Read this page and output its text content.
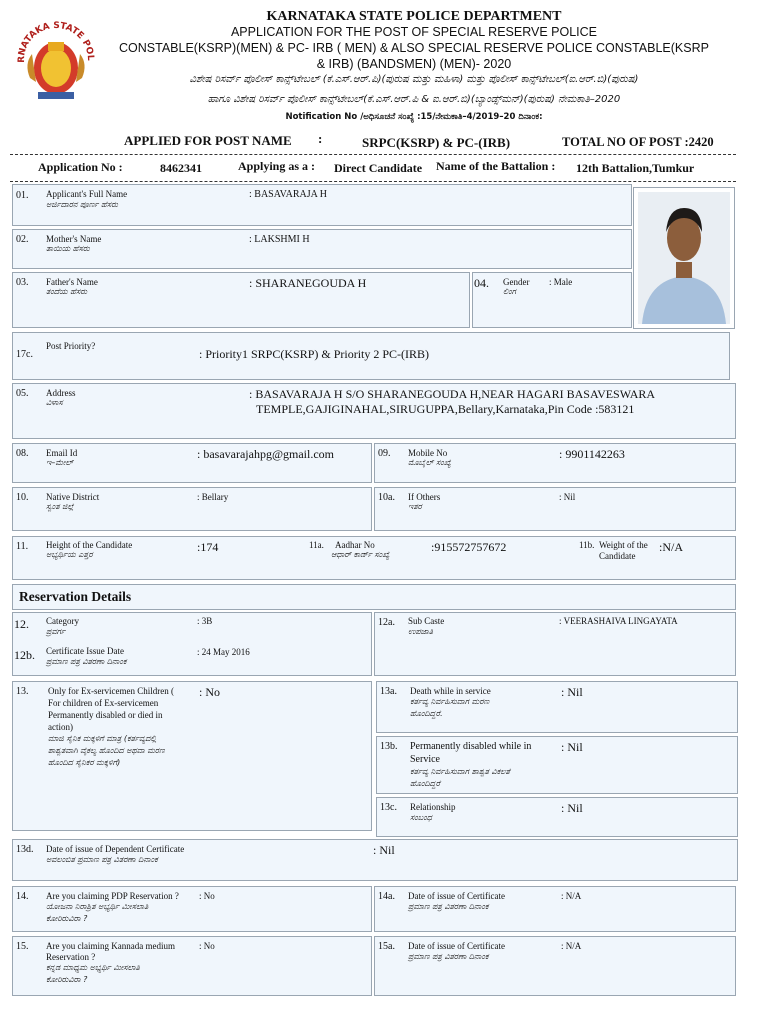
RNATAKA STATE POL
KARNATAKA STATE POLICE DEPARTMENT
APPLICATION FOR THE POST OF SPECIAL RESERVE POLICE
CONSTABLE(KSRP)(MEN) & PC- IRB ( MEN) & ALSO SPECIAL RESERVE POLICE CONSTABLE(KSRP
& IRB) (BANDSMEN) (MEN)- 2020
ವಿಶೇಷ ರಿಸರ್ವ್ ಪೊಲೀಸ್ ಕಾನ್ಸ್‌ಟೇಬಲ್ (ಕೆ.ಎಸ್.ಆರ್.ಪಿ)(ಪುರುಷ ಮತ್ತು ಮಹಿಳಾ) ಮತ್ತು ಪೊಲೀಸ್ ಕಾನ್ಸ್‌ಟೇಬಲ್(ಐ.ಆರ್.ಬಿ)(ಪುರುಷ)
ಹಾಗೂ ವಿಶೇಷ ರಿಸರ್ವ್ ಪೊಲೀಸ್ ಕಾನ್ಸ್‌ಟೇಬಲ್(ಕೆ.ಎಸ್.ಆರ್.ಪಿ & ಐ.ಆರ್.ಬಿ)(ಬ್ಯಾಂಡ್ಸ್‌ಮನ್)(ಪುರುಷ) ನೇಮಕಾತಿ–2020
Notification No /ಅಧಿಸೂಚನೆ ಸಂಖ್ಯೆ :15/ನೇಮಕಾತಿ–4/2019–20 ದಿನಾಂಕ:
APPLIED FOR POST NAME :	SRPC(KSRP) & PC-(IRB)	TOTAL NO OF POST :2420
Application No :	8462341	Applying as a : Direct Candidate Name of the Battalion : 12th Battalion,Tumkur
01. Applicant's Full Name
ಅರ್ಜಿದಾರನ ಪೂರ್ಣ ಹೆಸರು
: BASAVARAJA H
02. Mother's Name
ತಾಯಿಯ ಹೆಸರು
: LAKSHMI H
03. Father's Name
ತಂದೆಯ ಹೆಸರು
: SHARANEGOUDA H	04. Gender
ಲಿಂಗ
: Male
17c.
Post Priority?
: Priority1 SRPC(KSRP) & Priority 2 PC-(IRB)
05. Address
ವಿಳಾಸ
: BASAVARAJA H S/O SHARANEGOUDA H,NEAR HAGARI BASAVESWARA
TEMPLE,GAJIGINAHAL,SIRUGUPPA,Bellary,Karnataka,Pin Code :583121
08. Email Id
ಇ–ಮೇಲ್
: basavarajahpg@gmail.com	09. Mobile No
ಮೊಬೈಲ್ ಸಂಖ್ಯೆ
: 9901142263
10. Native District
ಸ್ವಂತ ಜಿಲ್ಲೆ
: Bellary	10a. If Others
ಇತರ
: Nil
11. Height of the Candidate
ಅಭ್ಯರ್ಥಿಯ ಎತ್ತರ
:174	11a. Aadhar No
ಆಧಾರ್ ಕಾರ್ಡ್ ಸಂಖ್ಯೆ
:915572757672	11b. Weight of the
Candidate
:N/A
Reservation Details
12. Category
ಪ್ರವರ್ಗ
: 3B
12b. Certificate Issue Date
ಪ್ರಮಾಣ ಪತ್ರ ವಿತರಣಾ ದಿನಾಂಕ
: 24 May 2016
12a. Sub Caste
ಉಪಜಾತಿ
: VEERASHAIVA LINGAYATA
13. Only for Ex-servicemen Children (
For children of Ex-servicemen
Permanently disabled or died in
action)
ಮಾಜಿ ಸೈನಿಕ ಮಕ್ಕಳಿಗೆ ಮಾತ್ರ (ಕರ್ತವ್ಯದಲ್ಲಿ
ಶಾಶ್ವತವಾಗಿ ವೈಕಲ್ಯ ಹೊಂದಿದ ಅಥವಾ ಮರಣ
ಹೊಂದಿದ ಸೈನಿಕರ ಮಕ್ಕಳಿಗೆ)
: No	13a. Death while in service
ಕರ್ತವ್ಯ ನಿರ್ವಹಿಸುವಾಗ ಮರಣ
ಹೊಂದಿದ್ದರೆ.
: Nil
13b. Permanently disabled while in
Service
ಕರ್ತವ್ಯ ನಿರ್ವಹಿಸುವಾಗ ಶಾಶ್ವತ ವಿಕಲತೆ
ಹೊಂದಿದ್ದರೆ
: Nil
13c. Relationship
ಸಂಬಂಧ
: Nil
13d. Date of issue of Dependent Certificate
ಅವಲಂಬಿತ ಪ್ರಮಾಣ ಪತ್ರ ವಿತರಣಾ ದಿನಾಂಕ
: Nil
14. Are you claiming PDP Reservation ?
ಯೋಜನಾ ನಿರಾಶ್ರಿತ ಅಭ್ಯರ್ಥಿ ಮೀಸಲಾತಿ
ಕೋರಿರುವಿರಾ ?
: No	14a. Date of issue of Certificate
ಪ್ರಮಾಣ ಪತ್ರ ವಿತರಣಾ ದಿನಾಂಕ
: N/A
15. Are you claiming Kannada medium
Reservation ?
ಕನ್ನಡ ಮಾಧ್ಯಮ ಅಭ್ಯರ್ಥಿ ಮೀಸಲಾತಿ
ಕೋರಿರುವಿರಾ ?
: No	15a. Date of issue of Certificate
ಪ್ರಮಾಣ ಪತ್ರ ವಿತರಣಾ ದಿನಾಂಕ
: N/A
